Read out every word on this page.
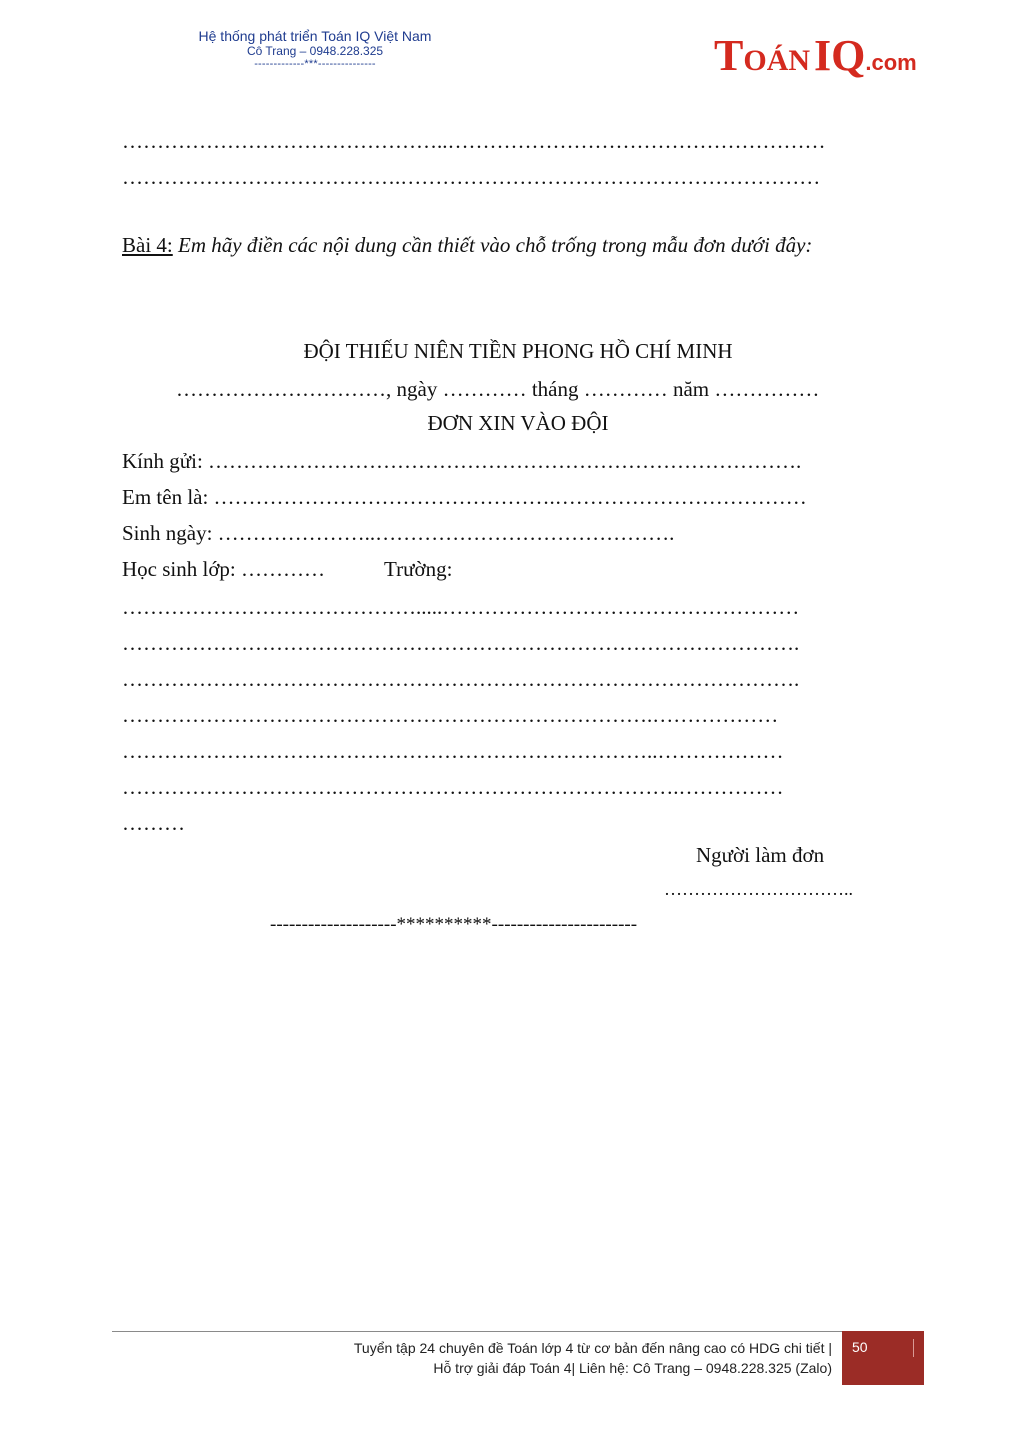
Hệ thống phát triển Toán IQ Việt Nam
Cô Trang – 0948.228.325
-------------***---------------	TOÁN IQ.com
………………………………………..………………………………………………
………………………………….……………………………………………………
Bài 4: Em hãy điền các nội dung cần thiết vào chỗ trống trong mẫu đơn dưới đây:
ĐỘI THIẾU NIÊN TIỀN PHONG HỒ CHÍ MINH
…………………………, ngày ………… tháng ………… năm ……………
ĐƠN XIN VÀO ĐỘI
Kính gửi: ………………………………………………………………………….
Em tên là: ………………………………………….………………………………
Sinh ngày: …………………..…………………………………….
Học sinh lớp: …………	Trường:
…………………………………….....……………………………………………
…………………………………………………………………………………….
…………………………………………………………………………………….
………………………………………………………………….………………
…………………………………………………………………..………………
………………………….………………………………………….……………
………
Người làm đơn
…………………………..
--------------------**********-----------------------
Tuyển tập 24 chuyên đề Toán lớp 4 từ cơ bản đến nâng cao có HDG chi tiết |
Hỗ trợ giải đáp Toán 4| Liên hệ: Cô Trang – 0948.228.325 (Zalo)
50
